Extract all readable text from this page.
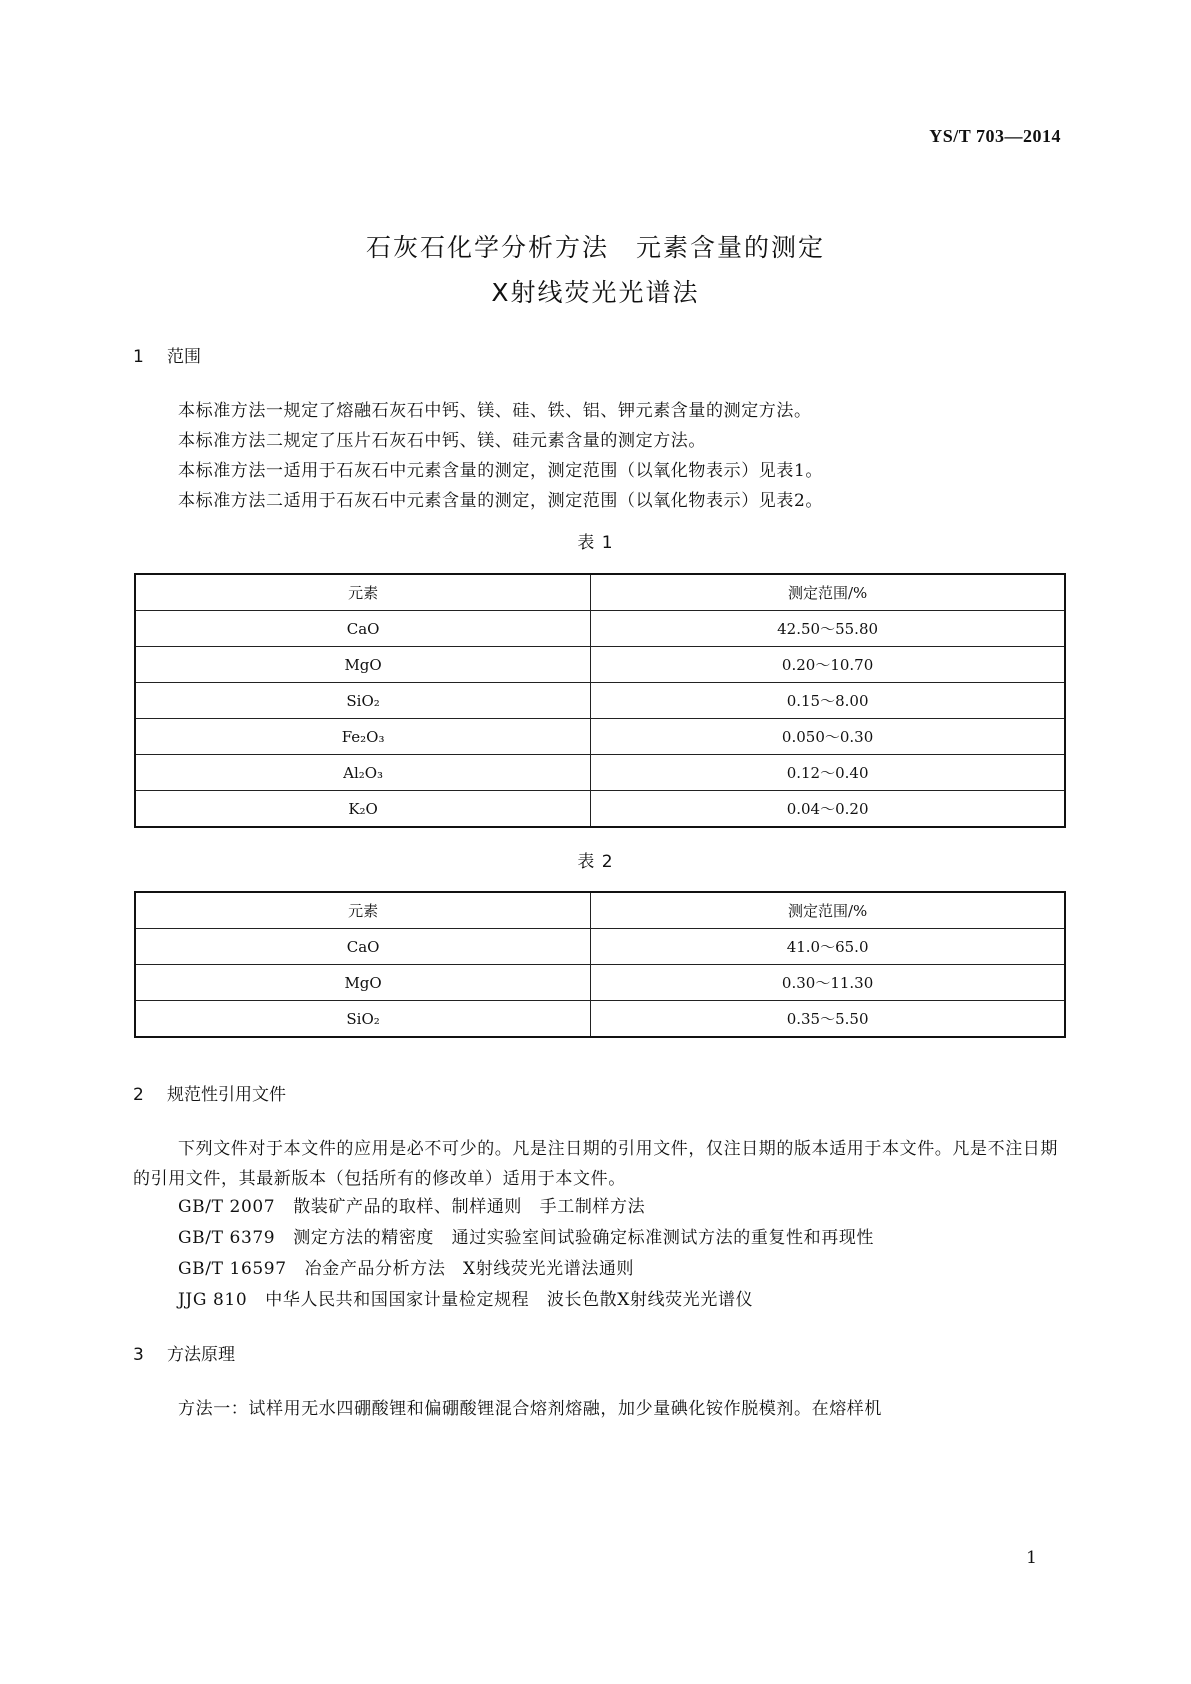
YS/T 703—2014
石灰石化学分析方法　元素含量的测定
X射线荧光光谱法
1 范围

本标准方法一规定了熔融石灰石中钙、镁、硅、铁、铝、钾元素含量的测定方法。

本标准方法二规定了压片石灰石中钙、镁、硅元素含量的测定方法。

本标准方法一适用于石灰石中元素含量的测定，测定范围（以氧化物表示）见表1。

本标准方法二适用于石灰石中元素含量的测定，测定范围（以氧化物表示）见表2。

表 1
元素	测定范围/%
CaO	42.50～55.80
MgO	0.20～10.70
SiO₂	0.15～8.00
Fe₂O₃	0.050～0.30
Al₂O₃	0.12～0.40
K₂O	0.04～0.20
表 2
元素	测定范围/%
CaO	41.0～65.0
MgO	0.30～11.30
SiO₂	0.35～5.50
2 规范性引用文件

下列文件对于本文件的应用是必不可少的。凡是注日期的引用文件，仅注日期的版本适用于本文件。凡是不注日期的引用文件，其最新版本（包括所有的修改单）适用于本文件。

GB/T 2007 散装矿产品的取样、制样通则　手工制样方法
GB/T 6379 测定方法的精密度　通过实验室间试验确定标准测试方法的重复性和再现性
GB/T 16597 冶金产品分析方法　X射线荧光光谱法通则
JJG 810 中华人民共和国国家计量检定规程　波长色散X射线荧光光谱仪
3 方法原理

方法一：试样用无水四硼酸锂和偏硼酸锂混合熔剂熔融，加少量碘化铵作脱模剂。在熔样机

1
